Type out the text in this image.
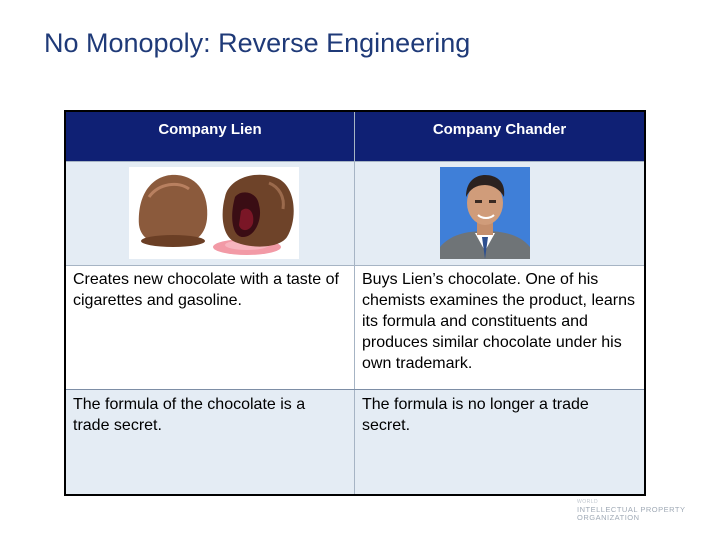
No Monopoly: Reverse Engineering
Company Lien	Company Chander
Creates new chocolate with a taste of cigarettes and gasoline.
Buys Lien’s chocolate. One of his chemists examines the product, learns its formula and constituents and produces similar chocolate under his own trademark.
The formula of the chocolate is a trade secret.
The formula is no longer a trade secret.
WORLD
INTELLECTUAL PROPERTY
ORGANIZATION
